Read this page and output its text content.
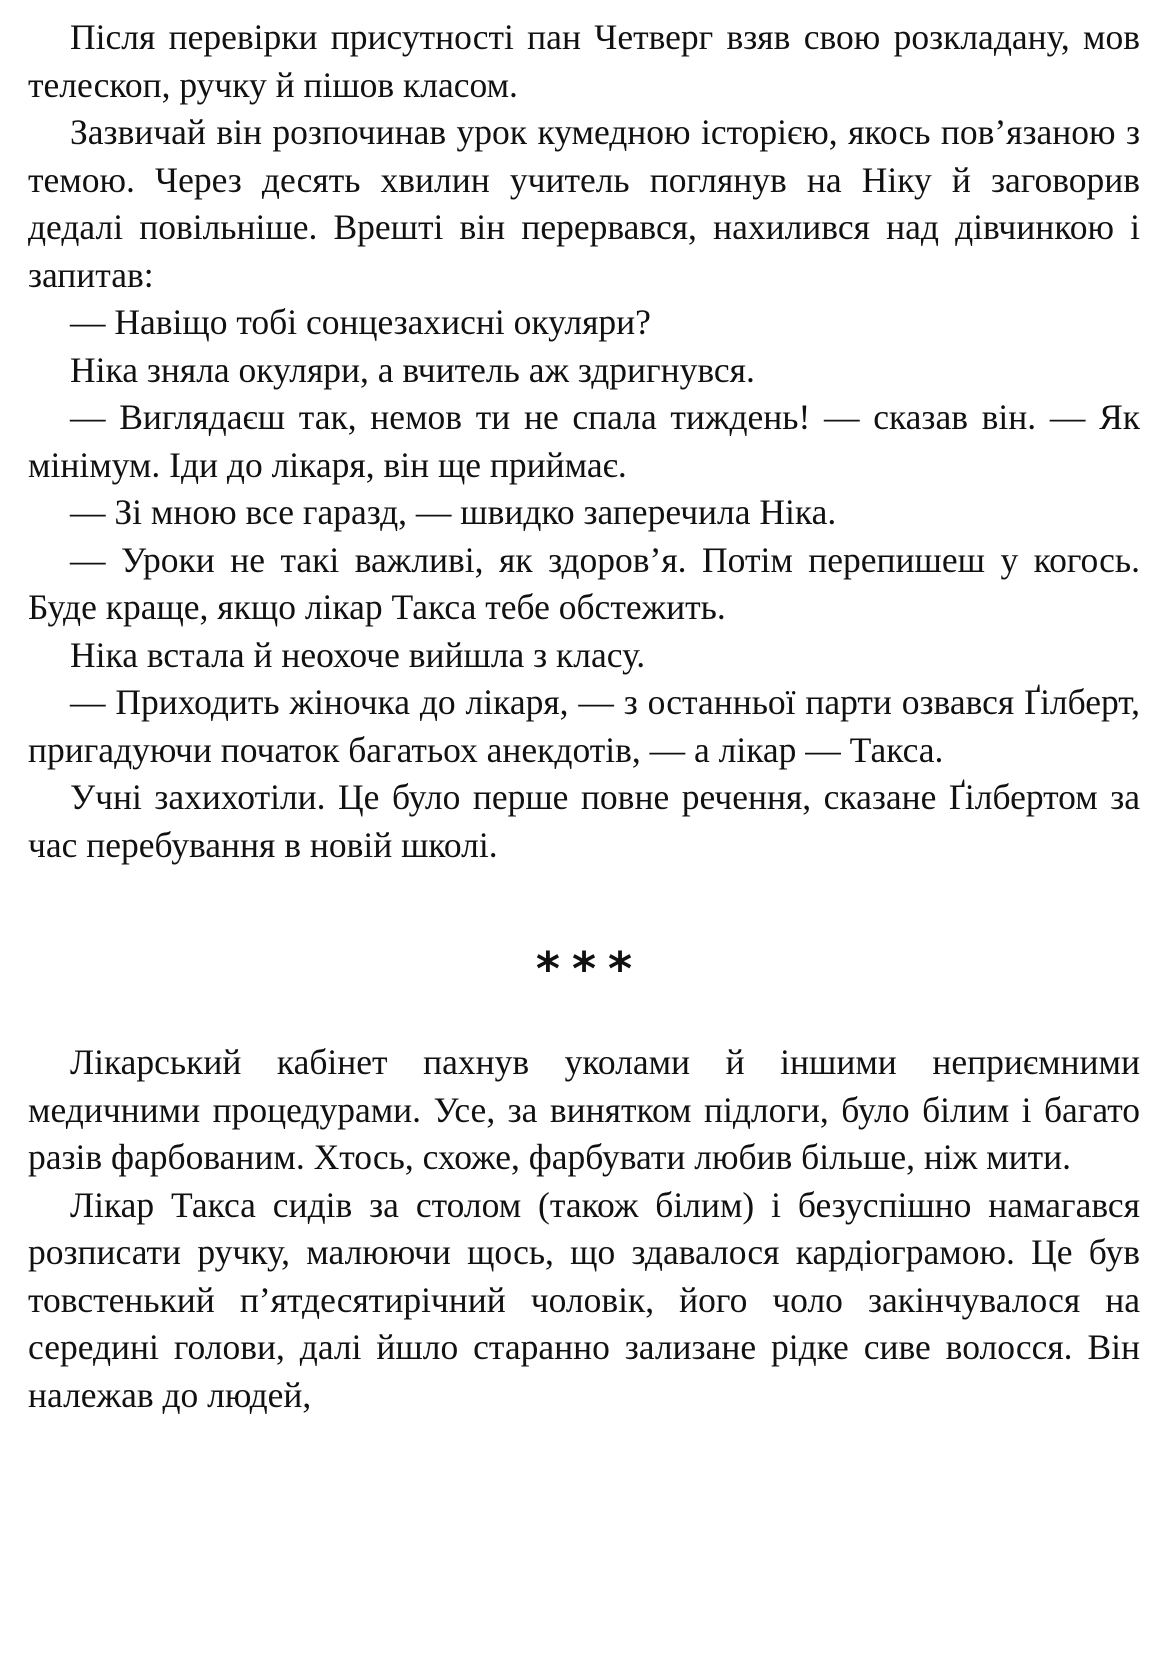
Після перевірки присутності пан Четверг взяв свою розкладану, мов телескоп, ручку й пішов класом.

Зазвичай він розпочинав урок кумедною історією, якось пов’язаною з темою. Через десять хвилин учитель поглянув на Ніку й заговорив дедалі повільніше. Врешті він перервався, нахилився над дівчинкою і запитав:

— Навіщо тобі сонцезахисні окуляри?

Ніка зняла окуляри, а вчитель аж здригнувся.

— Виглядаєш так, немов ти не спала тиждень! — сказав він. — Як мінімум. Іди до лікаря, він ще приймає.

— Зі мною все гаразд, — швидко заперечила Ніка.

— Уроки не такі важливі, як здоров’я. Потім перепишеш у когось. Буде краще, якщо лікар Такса тебе обстежить.

Ніка встала й неохоче вийшла з класу.

— Приходить жіночка до лікаря, — з останньої парти озвався Ґілберт, пригадуючи початок багатьох анекдотів, — а лікар — Такса.

Учні захихотіли. Це було перше повне речення, сказане Ґілбертом за час перебування в новій школі.

***

Лікарський кабінет пахнув уколами й іншими неприємними медичними процедурами. Усе, за винятком підлоги, було білим і багато разів фарбованим. Хтось, схоже, фарбувати любив більше, ніж мити.

Лікар Такса сидів за столом (також білим) і безуспішно намагався розписати ручку, малюючи щось, що здавалося кардіограмою. Це був товстенький п’ятдесятирічний чоловік, його чоло закінчувалося на середині голови, далі йшло старанно зализане рідке сиве волосся. Він належав до людей,
